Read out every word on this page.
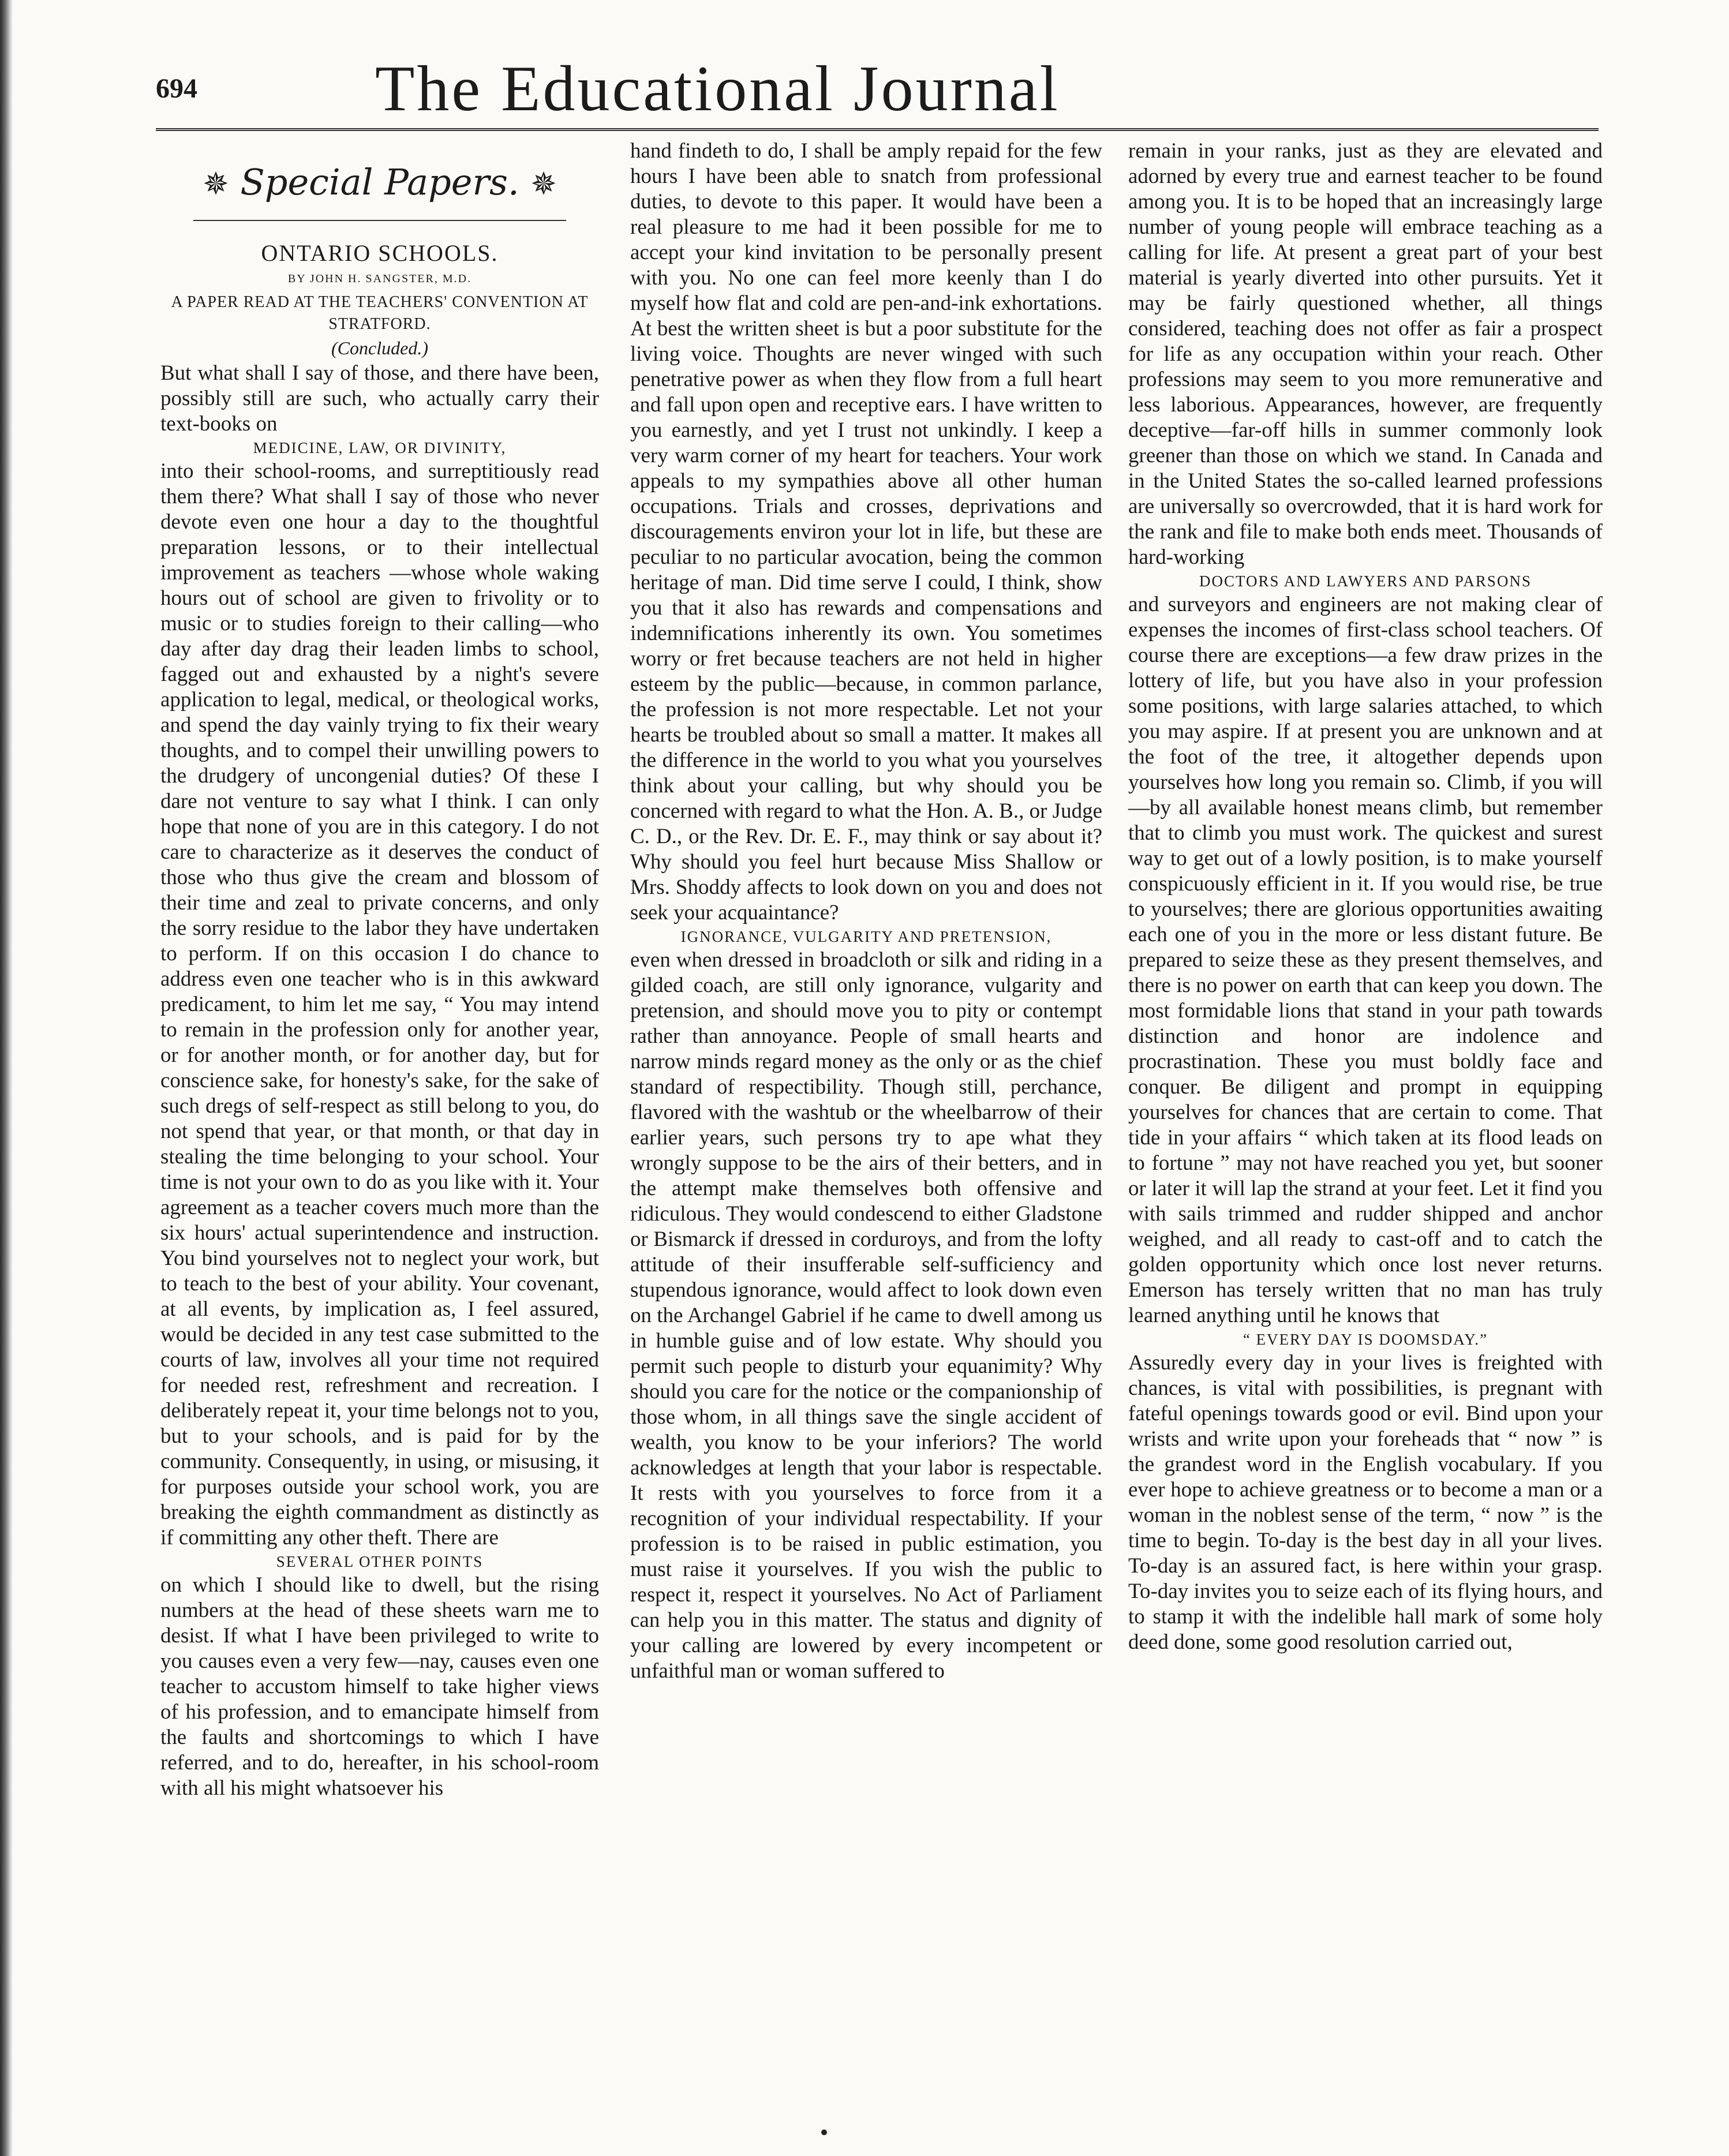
694	The Educational Journal
✵ Special Papers. ✵

ONTARIO SCHOOLS.

BY JOHN H. SANGSTER, M.D.

A PAPER READ AT THE TEACHERS' CONVENTION AT STRATFORD.

(Concluded.)

But what shall I say of those, and there have been, possibly still are such, who actually carry their text-books on

MEDICINE, LAW, OR DIVINITY,

into their school-rooms, and surreptitiously read them there? What shall I say of those who never devote even one hour a day to the thoughtful preparation lessons, or to their intellectual improvement as teachers —whose whole waking hours out of school are given to frivolity or to music or to studies foreign to their calling—who day after day drag their leaden limbs to school, fagged out and exhausted by a night's severe application to legal, medical, or theological works, and spend the day vainly trying to fix their weary thoughts, and to compel their unwilling powers to the drudgery of uncongenial duties? Of these I dare not venture to say what I think. I can only hope that none of you are in this category. I do not care to characterize as it deserves the conduct of those who thus give the cream and blossom of their time and zeal to private concerns, and only the sorry residue to the labor they have undertaken to perform. If on this occasion I do chance to address even one teacher who is in this awkward predicament, to him let me say, “ You may intend to remain in the profession only for another year, or for another month, or for another day, but for conscience sake, for honesty's sake, for the sake of such dregs of self-respect as still belong to you, do not spend that year, or that month, or that day in stealing the time belonging to your school. Your time is not your own to do as you like with it. Your agreement as a teacher covers much more than the six hours' actual superintendence and instruction. You bind yourselves not to neglect your work, but to teach to the best of your ability. Your covenant, at all events, by implication as, I feel assured, would be decided in any test case submitted to the courts of law, involves all your time not required for needed rest, refreshment and recreation. I deliberately repeat it, your time belongs not to you, but to your schools, and is paid for by the community. Consequently, in using, or misusing, it for purposes outside your school work, you are breaking the eighth commandment as distinctly as if committing any other theft. There are

SEVERAL OTHER POINTS

on which I should like to dwell, but the rising numbers at the head of these sheets warn me to desist. If what I have been privileged to write to you causes even a very few—nay, causes even one teacher to accustom himself to take higher views of his profession, and to emancipate himself from the faults and shortcomings to which I have referred, and to do, hereafter, in his school-room with all his might whatsoever his

hand findeth to do, I shall be amply repaid for the few hours I have been able to snatch from professional duties, to devote to this paper. It would have been a real pleasure to me had it been possible for me to accept your kind invitation to be personally present with you. No one can feel more keenly than I do myself how flat and cold are pen-and-ink exhortations. At best the written sheet is but a poor substitute for the living voice. Thoughts are never winged with such penetrative power as when they flow from a full heart and fall upon open and receptive ears. I have written to you earnestly, and yet I trust not unkindly. I keep a very warm corner of my heart for teachers. Your work appeals to my sympathies above all other human occupations. Trials and crosses, deprivations and discouragements environ your lot in life, but these are peculiar to no particular avocation, being the common heritage of man. Did time serve I could, I think, show you that it also has rewards and compensations and indemnifications inherently its own. You sometimes worry or fret because teachers are not held in higher esteem by the public—because, in common parlance, the profession is not more respectable. Let not your hearts be troubled about so small a matter. It makes all the difference in the world to you what you yourselves think about your calling, but why should you be concerned with regard to what the Hon. A. B., or Judge C. D., or the Rev. Dr. E. F., may think or say about it? Why should you feel hurt because Miss Shallow or Mrs. Shoddy affects to look down on you and does not seek your acquaintance?

IGNORANCE, VULGARITY AND PRETENSION,

even when dressed in broadcloth or silk and riding in a gilded coach, are still only ignorance, vulgarity and pretension, and should move you to pity or contempt rather than annoyance. People of small hearts and narrow minds regard money as the only or as the chief standard of respectibility. Though still, perchance, flavored with the washtub or the wheelbarrow of their earlier years, such persons try to ape what they wrongly suppose to be the airs of their betters, and in the attempt make themselves both offensive and ridiculous. They would condescend to either Gladstone or Bismarck if dressed in corduroys, and from the lofty attitude of their insufferable self-sufficiency and stupendous ignorance, would affect to look down even on the Archangel Gabriel if he came to dwell among us in humble guise and of low estate. Why should you permit such people to disturb your equanimity? Why should you care for the notice or the companionship of those whom, in all things save the single accident of wealth, you know to be your inferiors? The world acknowledges at length that your labor is respectable. It rests with you yourselves to force from it a recognition of your individual respectability. If your profession is to be raised in public estimation, you must raise it yourselves. If you wish the public to respect it, respect it yourselves. No Act of Parliament can help you in this matter. The status and dignity of your calling are lowered by every incompetent or unfaithful man or woman suffered to

remain in your ranks, just as they are elevated and adorned by every true and earnest teacher to be found among you. It is to be hoped that an increasingly large number of young people will embrace teaching as a calling for life. At present a great part of your best material is yearly diverted into other pursuits. Yet it may be fairly questioned whether, all things considered, teaching does not offer as fair a prospect for life as any occupation within your reach. Other professions may seem to you more remunerative and less laborious. Appearances, however, are frequently deceptive—far-off hills in summer commonly look greener than those on which we stand. In Canada and in the United States the so-called learned professions are universally so overcrowded, that it is hard work for the rank and file to make both ends meet. Thousands of hard-working

DOCTORS AND LAWYERS AND PARSONS

and surveyors and engineers are not making clear of expenses the incomes of first-class school teachers. Of course there are exceptions—a few draw prizes in the lottery of life, but you have also in your profession some positions, with large salaries attached, to which you may aspire. If at present you are unknown and at the foot of the tree, it altogether depends upon yourselves how long you remain so. Climb, if you will —by all available honest means climb, but remember that to climb you must work. The quickest and surest way to get out of a lowly position, is to make yourself conspicuously efficient in it. If you would rise, be true to yourselves; there are glorious opportunities awaiting each one of you in the more or less distant future. Be prepared to seize these as they present themselves, and there is no power on earth that can keep you down. The most formidable lions that stand in your path towards distinction and honor are indolence and procrastination. These you must boldly face and conquer. Be diligent and prompt in equipping yourselves for chances that are certain to come. That tide in your affairs “ which taken at its flood leads on to fortune ” may not have reached you yet, but sooner or later it will lap the strand at your feet. Let it find you with sails trimmed and rudder shipped and anchor weighed, and all ready to cast-off and to catch the golden opportunity which once lost never returns. Emerson has tersely written that no man has truly learned anything until he knows that

“ EVERY DAY IS DOOMSDAY.”

Assuredly every day in your lives is freighted with chances, is vital with possibilities, is pregnant with fateful openings towards good or evil. Bind upon your wrists and write upon your foreheads that “ now ” is the grandest word in the English vocabulary. If you ever hope to achieve greatness or to become a man or a woman in the noblest sense of the term, “ now ” is the time to begin. To-day is the best day in all your lives. To-day is an assured fact, is here within your grasp. To-day invites you to seize each of its flying hours, and to stamp it with the indelible hall mark of some holy deed done, some good resolution carried out,
